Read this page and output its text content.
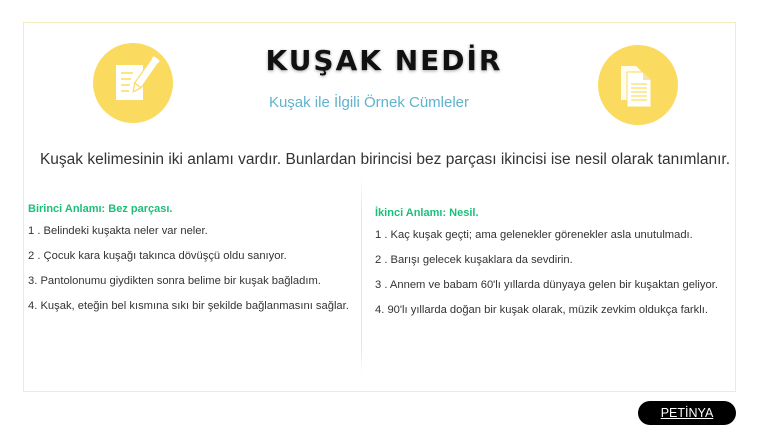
KUŞAK NEDİR
Kuşak ile İlgili Örnek Cümleler
Kuşak kelimesinin iki anlamı vardır. Bunlardan birincisi bez parçası ikincisi ise nesil olarak tanımlanır.
Birinci Anlamı: Bez parçası.
1 . Belindeki kuşakta neler var neler.
2 . Çocuk kara kuşağı takınca dövüşçü oldu sanıyor.
3. Pantolonumu giydikten sonra belime bir kuşak bağladım.
4. Kuşak, eteğin bel kısmına sıkı bir şekilde bağlanmasını sağlar.
İkinci Anlamı: Nesil.
1 . Kaç kuşak geçti; ama gelenekler görenekler asla unutulmadı.
2 . Barışı gelecek kuşaklara da sevdirin.
3 . Annem ve babam 60'lı yıllarda dünyaya gelen bir kuşaktan geliyor.
4. 90'lı yıllarda doğan bir kuşak olarak, müzik zevkim oldukça farklı.
PETİNYA
